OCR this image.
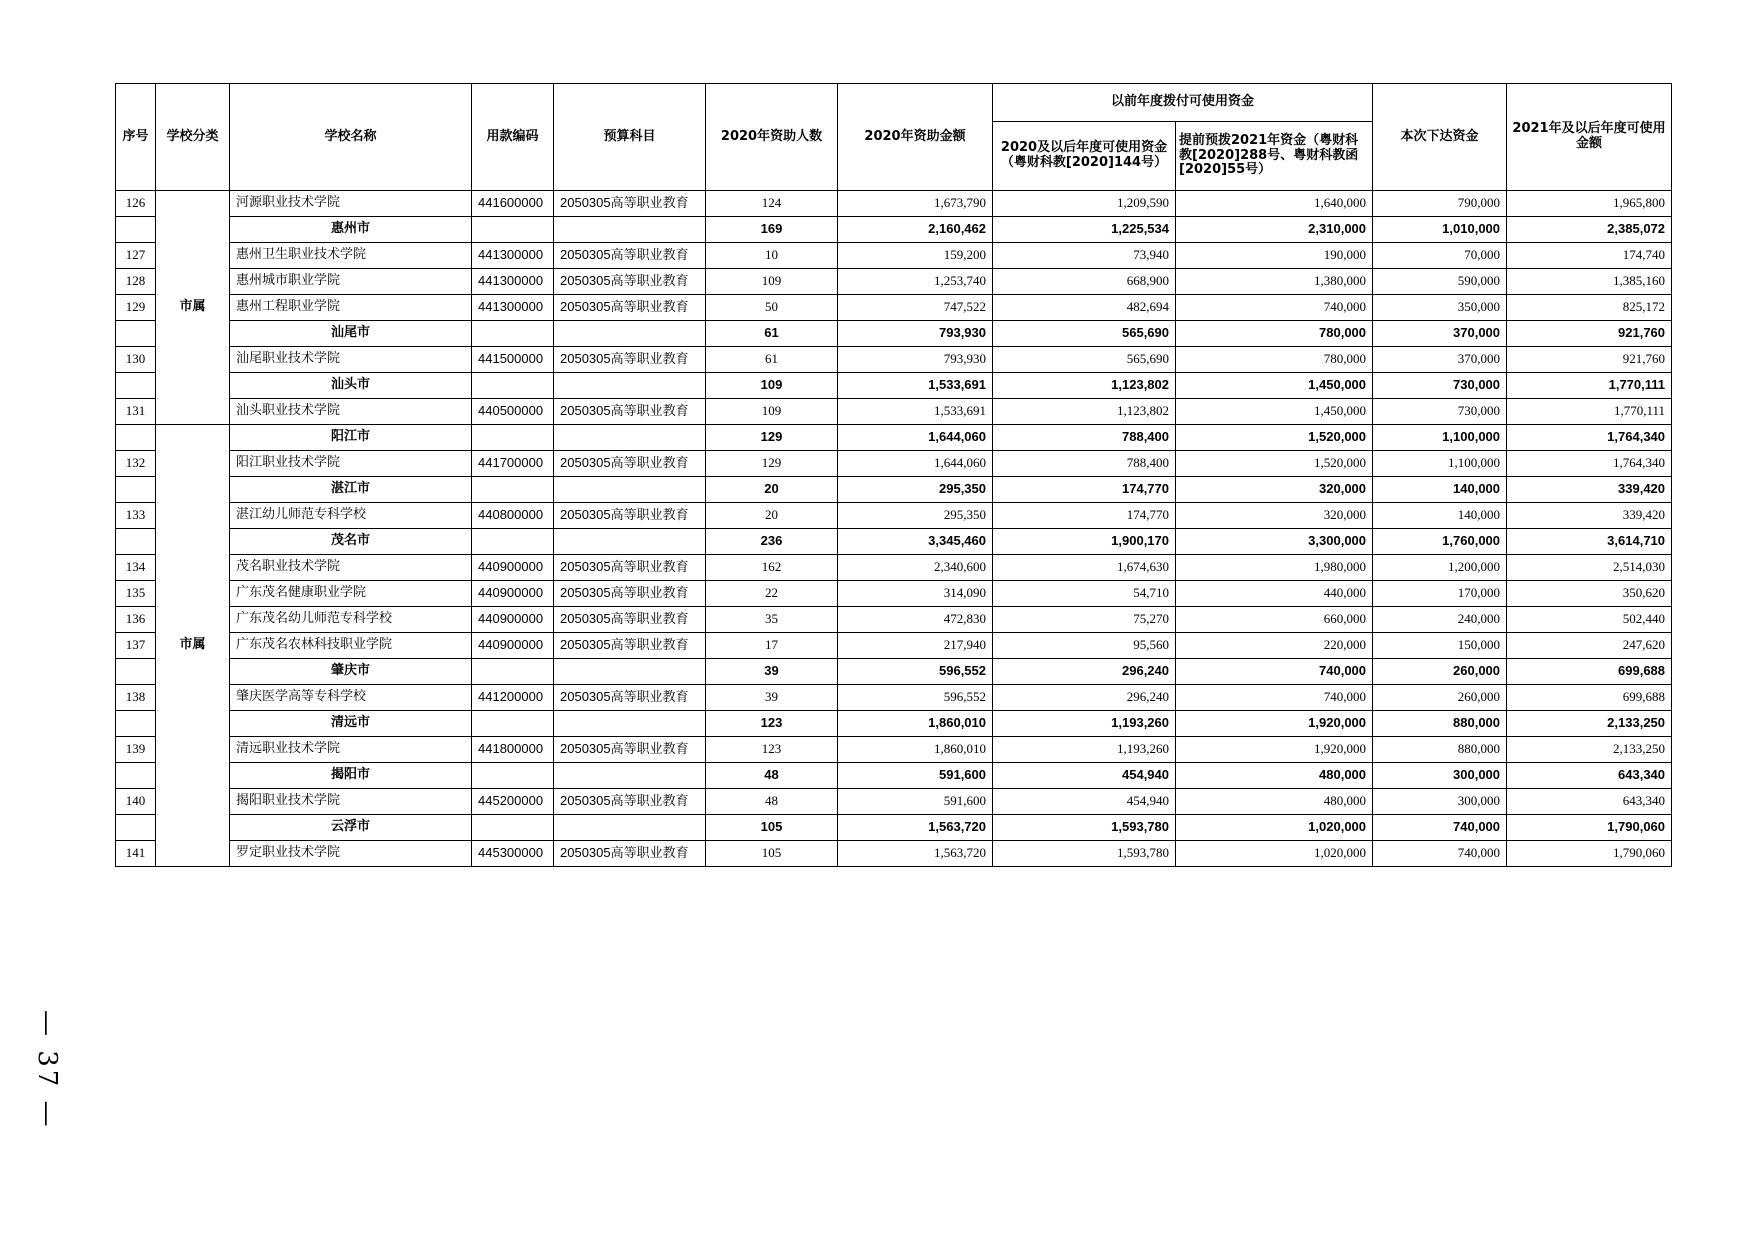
序号	学校分类	学校名称	用款编码	预算科目	2020年资助人数	2020年资助金额	以前年度拨付可使用资金		本次下达资金	2021年及以后年度可使用金额
							2020及以后年度可使用资金（粤财科教[2020]144号）	提前预拨2021年资金（粤财科教[2020]288号、粤财科教函[2020]55号）		
126	市属	河源职业技术学院	441600000	2050305高等职业教育	124	1,673,790	1,209,590	1,640,000	790,000	1,965,800
		惠州市			169	2,160,462	1,225,534	2,310,000	1,010,000	2,385,072
127		惠州卫生职业技术学院	441300000	2050305高等职业教育	10	159,200	73,940	190,000	70,000	174,740
128		惠州城市职业学院	441300000	2050305高等职业教育	109	1,253,740	668,900	1,380,000	590,000	1,385,160
129		惠州工程职业学院	441300000	2050305高等职业教育	50	747,522	482,694	740,000	350,000	825,172
		汕尾市			61	793,930	565,690	780,000	370,000	921,760
130		汕尾职业技术学院	441500000	2050305高等职业教育	61	793,930	565,690	780,000	370,000	921,760
		汕头市			109	1,533,691	1,123,802	1,450,000	730,000	1,770,111
131		汕头职业技术学院	440500000	2050305高等职业教育	109	1,533,691	1,123,802	1,450,000	730,000	1,770,111
	市属	阳江市			129	1,644,060	788,400	1,520,000	1,100,000	1,764,340
132		阳江职业技术学院	441700000	2050305高等职业教育	129	1,644,060	788,400	1,520,000	1,100,000	1,764,340
		湛江市			20	295,350	174,770	320,000	140,000	339,420
133		湛江幼儿师范专科学校	440800000	2050305高等职业教育	20	295,350	174,770	320,000	140,000	339,420
		茂名市			236	3,345,460	1,900,170	3,300,000	1,760,000	3,614,710
134		茂名职业技术学院	440900000	2050305高等职业教育	162	2,340,600	1,674,630	1,980,000	1,200,000	2,514,030
135		广东茂名健康职业学院	440900000	2050305高等职业教育	22	314,090	54,710	440,000	170,000	350,620
136		广东茂名幼儿师范专科学校	440900000	2050305高等职业教育	35	472,830	75,270	660,000	240,000	502,440
137		广东茂名农林科技职业学院	440900000	2050305高等职业教育	17	217,940	95,560	220,000	150,000	247,620
		肇庆市			39	596,552	296,240	740,000	260,000	699,688
138		肇庆医学高等专科学校	441200000	2050305高等职业教育	39	596,552	296,240	740,000	260,000	699,688
		清远市			123	1,860,010	1,193,260	1,920,000	880,000	2,133,250
139		清远职业技术学院	441800000	2050305高等职业教育	123	1,860,010	1,193,260	1,920,000	880,000	2,133,250
		揭阳市			48	591,600	454,940	480,000	300,000	643,340
140		揭阳职业技术学院	445200000	2050305高等职业教育	48	591,600	454,940	480,000	300,000	643,340
		云浮市			105	1,563,720	1,593,780	1,020,000	740,000	1,790,060
141		罗定职业技术学院	445300000	2050305高等职业教育	105	1,563,720	1,593,780	1,020,000	740,000	1,790,060
— 37 —
